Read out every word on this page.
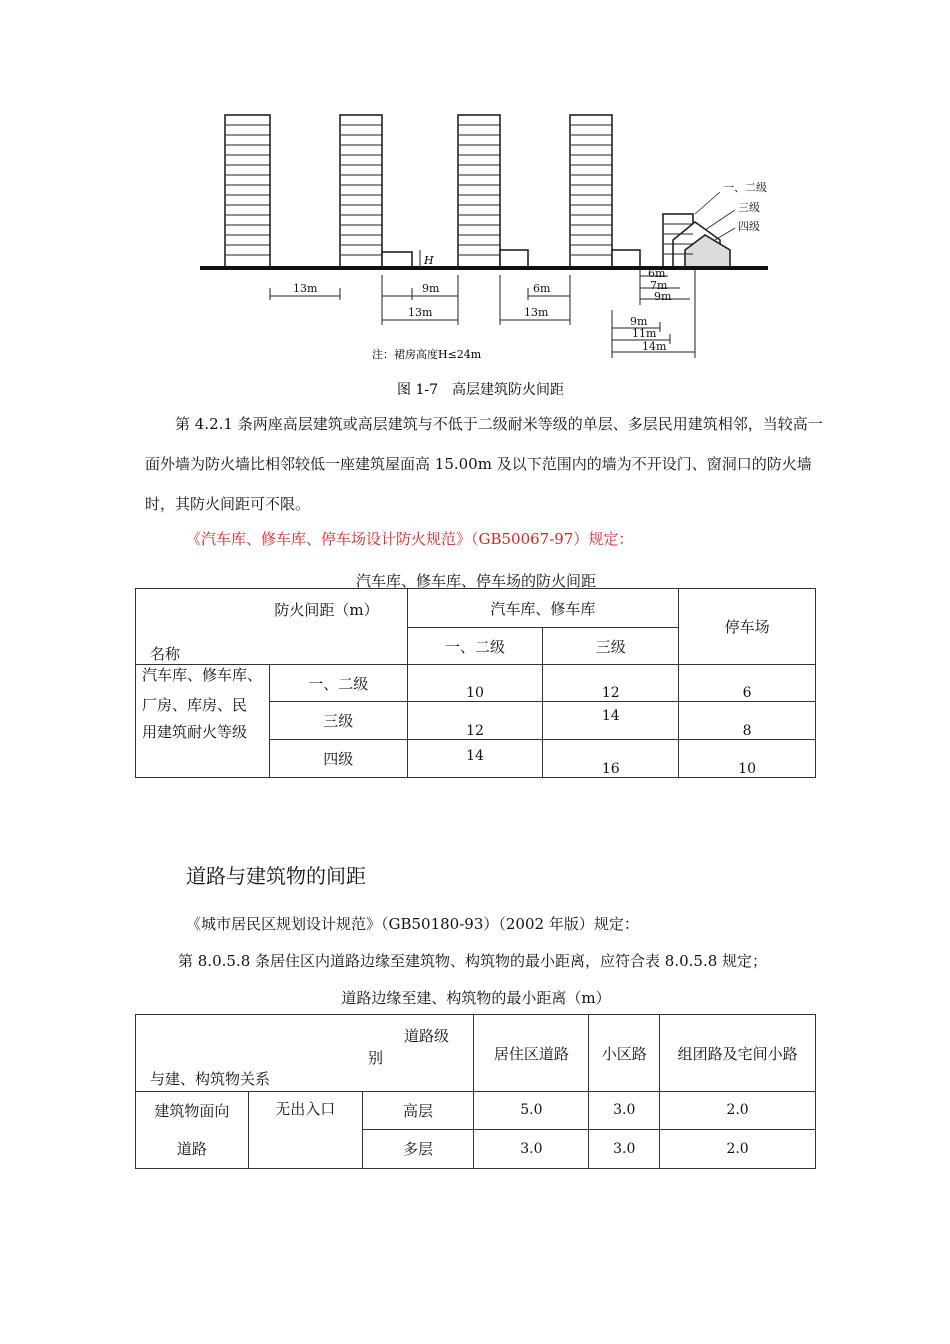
H
13m	9m
13m
6m
13m
6m
7m
9m
9m
11m
14m
一、二级
三级
四级
注：裙房高度H≤24m
图 1-7　高层建筑防火间距
第 4.2.1 条两座高层建筑或高层建筑与不低于二级耐米等级的单层、多层民用建筑相邻，当较高一面外墙为防火墙比相邻较低一座建筑屋面高 15.00m 及以下范围内的墙为不开设门、窗洞口的防火墙时，其防火间距可不限。
《汽车库、修车库、停车场设计防火规范》（GB50067-97）规定：
汽车库、修车库、停车场的防火间距
防火间距（m）
名称		汽车库、修车库		停车场
		一、二级	三级	

汽车库、修车库、
厂房、库房、民
用建筑耐火等级	一、二级	10	12	6
	三级	12	14	8
	四级	14	16	10
道路与建筑物的间距
《城市居民区规划设计规范》（GB50180-93）（2002 年版）规定：
第 8.0.5.8 条居住区内道路边缘至建筑物、构筑物的最小距离，应符合表 8.0.5.8 规定；
道路边缘至建、构筑物的最小距离（m）
道路级
别
与建、构筑物关系			居住区道路	小区路	组团路及宅间小路

建筑物面向
道路	无出入口	高层	5.0	3.0	2.0
		多层	3.0	3.0	2.0
